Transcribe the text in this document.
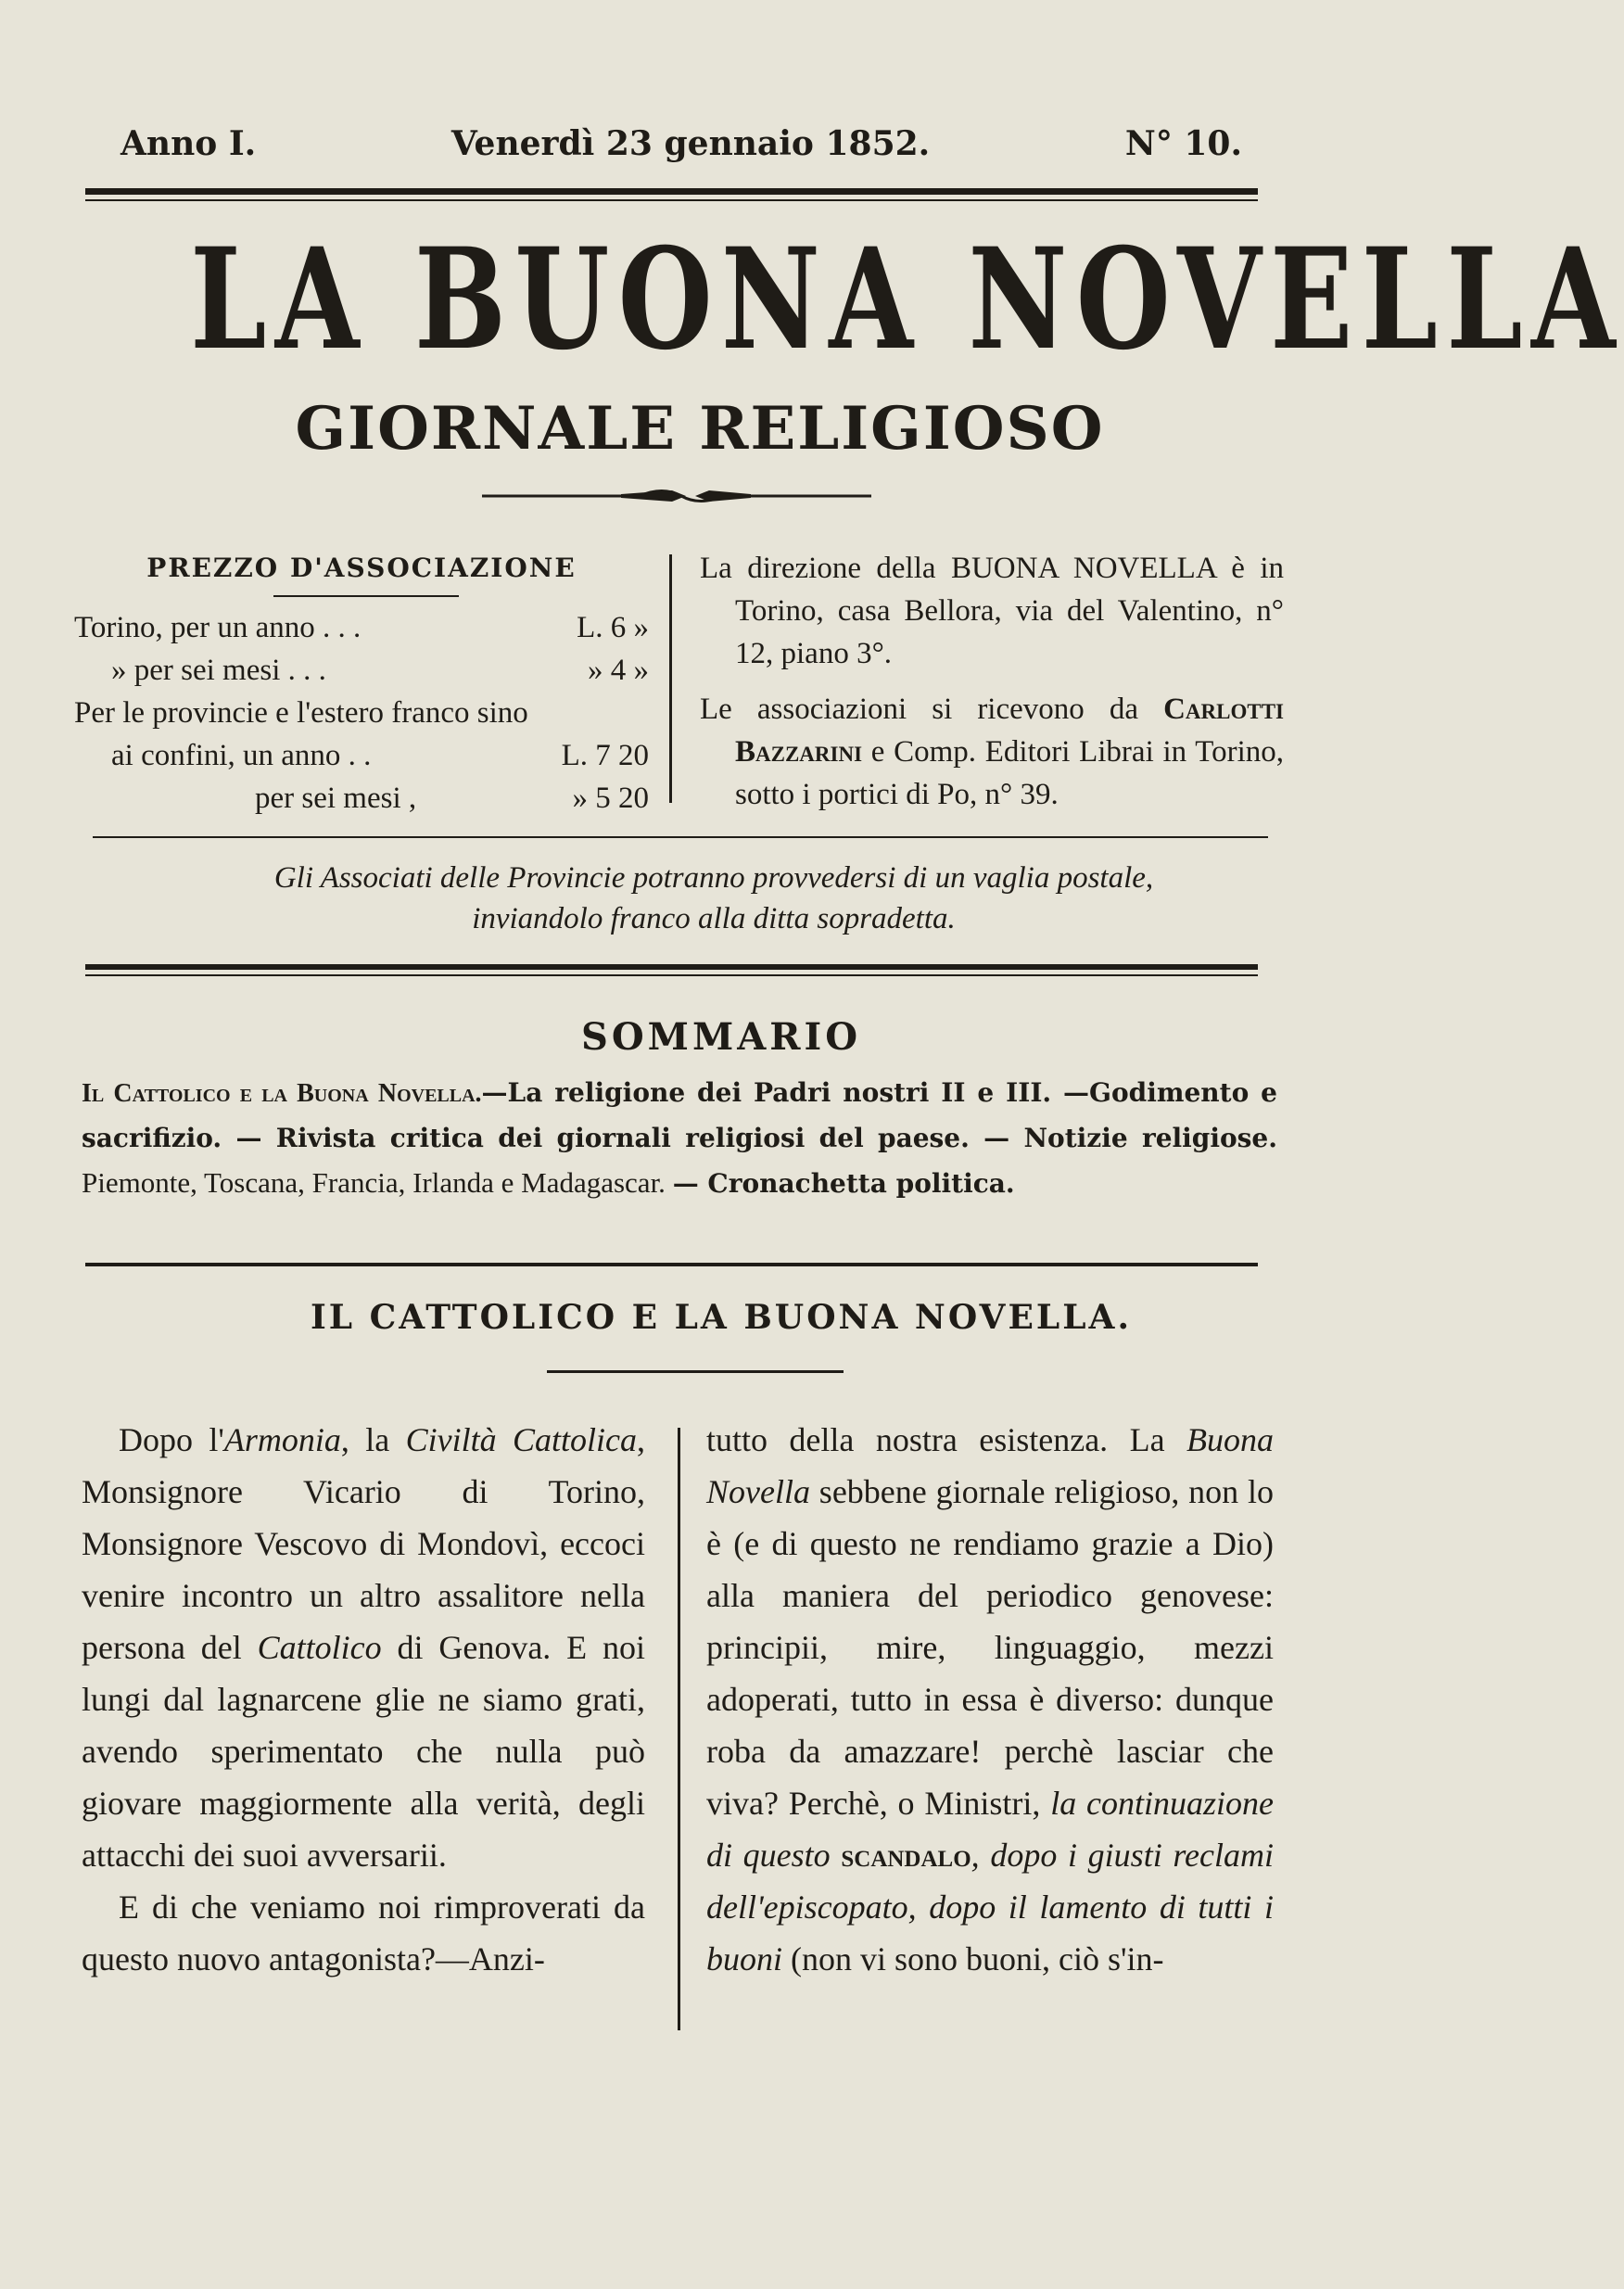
Anno I.	Venerdì 23 gennaio 1852.	N° 10.
LA BUONA NOVELLA
GIORNALE RELIGIOSO
PREZZO D'ASSOCIAZIONE
Torino, per un anno . . .	L. 6 »
» per sei mesi . . .	» 4 »
Per le provincie e l'estero franco sino
ai confini, un anno . .	L. 7 20
per sei mesi ,	» 5 20

La direzione della BUONA NOVELLA è in Torino, casa Bellora, via del Valentino, n° 12, piano 3°.

Le associazioni si ricevono da Carlotti Bazzarini e Comp. Editori Librai in Torino, sotto i portici di Po, n° 39.

Gli Associati delle Provincie potranno provvedersi di un vaglia postale,
inviandolo franco alla ditta sopradetta.
SOMMARIO
Il Cattolico e la Buona Novella.—La religione dei Padri nostri II e III. —Godimento e sacrifizio. — Rivista critica dei giornali religiosi del paese. — Notizie religiose. Piemonte, Toscana, Francia, Irlanda e Madagascar. — Cronachetta politica.
IL CATTOLICO E LA BUONA NOVELLA.

Dopo l'Armonia, la Civiltà Cattolica, Monsignore Vicario di Torino, Monsignore Vescovo di Mondovì, eccoci venire incontro un altro assalitore nella persona del Cattolico di Genova. E noi lungi dal lagnarcene glie ne siamo grati, avendo sperimentato che nulla può giovare maggiormente alla verità, degli attacchi dei suoi avversarii.

E di che veniamo noi rimproverati da questo nuovo antagonista?—Anzi-

tutto della nostra esistenza. La Buona Novella sebbene giornale religioso, non lo è (e di questo ne rendiamo grazie a Dio) alla maniera del periodico genovese: principii, mire, linguaggio, mezzi adoperati, tutto in essa è diverso: dunque roba da amazzare! perchè lasciar che viva? Perchè, o Ministri, la continuazione di questo scandalo, dopo i giusti reclami dell'episcopato, dopo il lamento di tutti i buoni (non vi sono buoni, ciò s'in-
